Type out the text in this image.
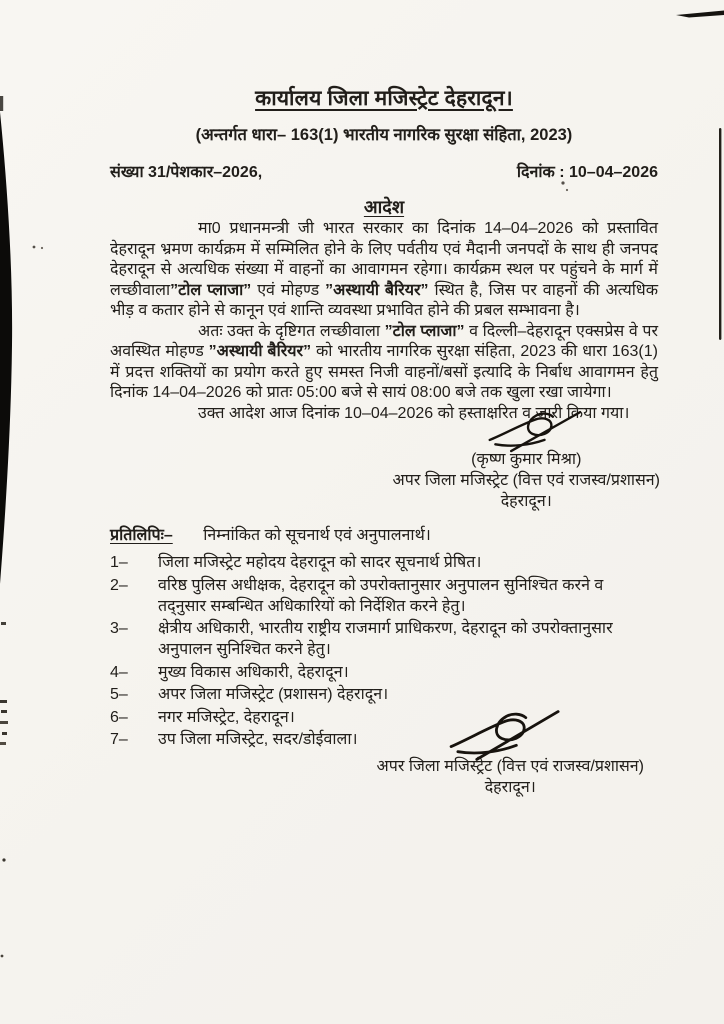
कार्यालय जिला मजिस्ट्रेट देहरादून।
(अन्तर्गत धारा– 163(1) भारतीय नागरिक सुरक्षा संहिता, 2023)
संख्या 31/पेशकार–2026,	दिनांक : 10–04–2026
आदेश

मा0 प्रधानमन्त्री जी भारत सरकार का दिनांक 14–04–2026 को प्रस्तावित देहरादून भ्रमण कार्यक्रम में सम्मिलित होने के लिए पर्वतीय एवं मैदानी जनपदों के साथ ही जनपद देहरादून से अत्यधिक संख्या में वाहनों का आवागमन रहेगा। कार्यक्रम स्थल पर पहुंचने के मार्ग में लच्छीवाला”टोल प्लाजा” एवं मोहण्ड ”अस्थायी बैरियर” स्थित है, जिस पर वाहनों की अत्यधिक भीड़ व कतार होने से कानून एवं शान्ति व्यवस्था प्रभावित होने की प्रबल सम्भावना है।

अतः उक्त के दृष्टिगत लच्छीवाला ”टोल प्लाजा” व दिल्ली–देहरादून एक्सप्रेस वे पर अवस्थित मोहण्ड ”अस्थायी बैरियर” को भारतीय नागरिक सुरक्षा संहिता, 2023 की धारा 163(1) में प्रदत्त शक्तियों का प्रयोग करते हुए समस्त निजी वाहनों/बसों इत्यादि के निर्बाध आवागमन हेतु दिनांक 14–04–2026 को प्रातः 05:00 बजे से सायं 08:00 बजे तक खुला रखा जायेगा।

उक्त आदेश आज दिनांक 10–04–2026 को हस्ताक्षरित व जारी किया गया।

(कृष्ण कुमार मिश्रा)
अपर जिला मजिस्ट्रेट (वित्त एवं राजस्व/प्रशासन)
देहरादून।
प्रतिलिपिः– निम्नांकित को सूचनार्थ एवं अनुपालनार्थ।
1–	जिला मजिस्ट्रेट महोदय देहरादून को सादर सूचनार्थ प्रेषित।
2–	वरिष्ठ पुलिस अधीक्षक, देहरादून को उपरोक्तानुसार अनुपालन सुनिश्चित करने व तद्नुसार सम्बन्धित अधिकारियों को निर्देशित करने हेतु।
3–	क्षेत्रीय अधिकारी, भारतीय राष्ट्रीय राजमार्ग प्राधिकरण, देहरादून को उपरोक्तानुसार अनुपालन सुनिश्चित करने हेतु।
4–	मुख्य विकास अधिकारी, देहरादून।
5–	अपर जिला मजिस्ट्रेट (प्रशासन) देहरादून।
6–	नगर मजिस्ट्रेट, देहरादून।
7–	उप जिला मजिस्ट्रेट, सदर/डोईवाला।
अपर जिला मजिस्ट्रेट (वित्त एवं राजस्व/प्रशासन)
देहरादून।
